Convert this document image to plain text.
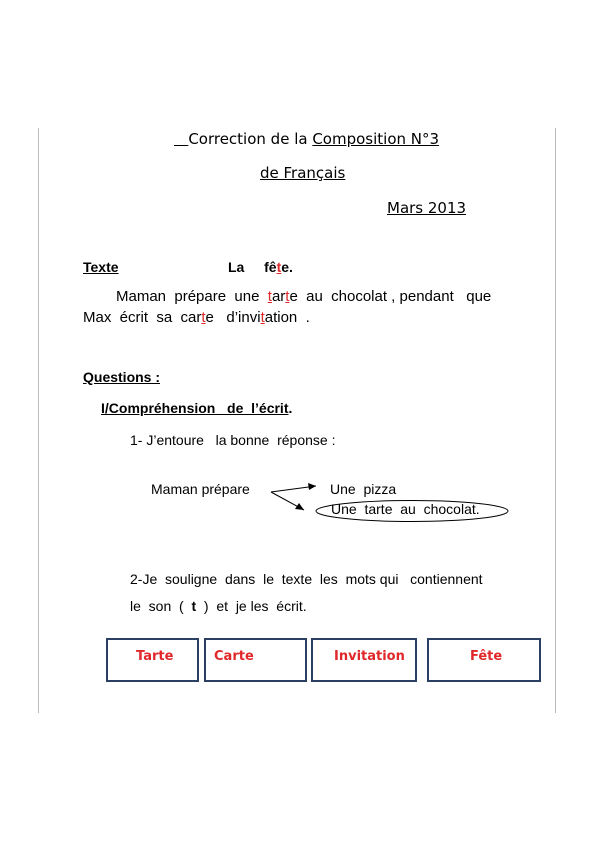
Correction de la Composition N°3
de Français
Mars 2013
Texte	La fête.
Maman  prépare  une  tarte  au  chocolat , pendant   que
Max  écrit  sa  carte   d’invitation  .
Questions :
I/Compréhension   de  l’écrit.
1- J’entoure   la bonne  réponse :
Maman prépare	Une  pizza
Une  tarte  au  chocolat.
2-Je  souligne  dans  le  texte  les  mots qui   contiennent
le  son  (  t  )  et  je les  écrit.
Tarte	Carte	Invitation	Fête
